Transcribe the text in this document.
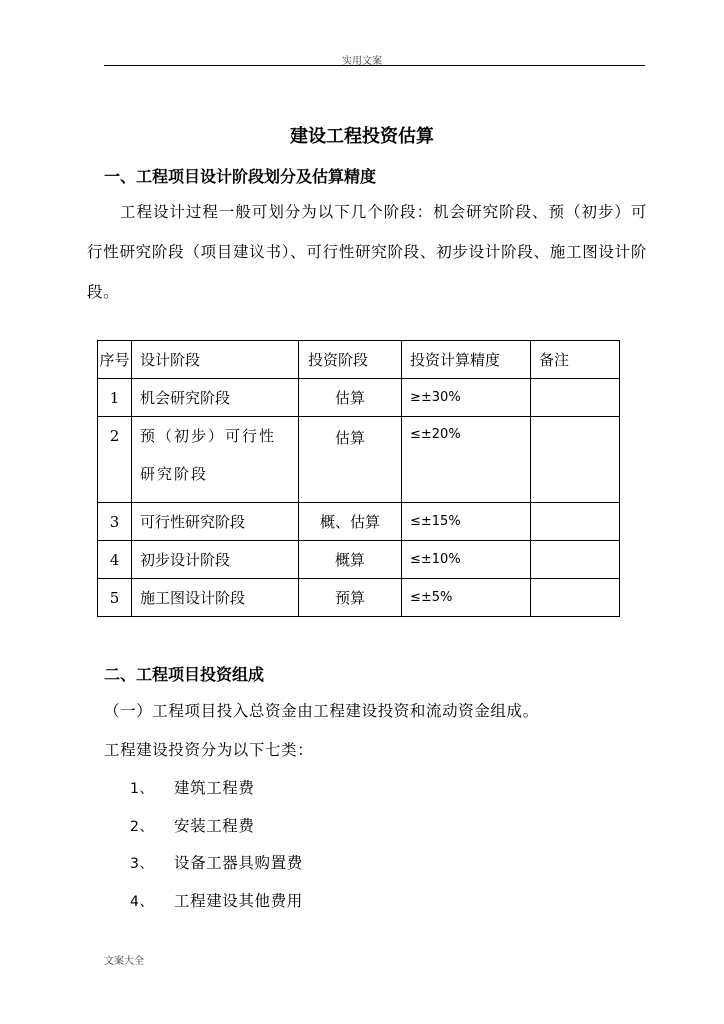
实用文案
建设工程投资估算
一、工程项目设计阶段划分及估算精度
工程设计过程一般可划分为以下几个阶段：机会研究阶段、预（初步）可行性研究阶段（项目建议书）、可行性研究阶段、初步设计阶段、施工图设计阶段。
序号	设计阶段	投资阶段	投资计算精度	备注
1	机会研究阶段	估算	≥±30%	
2	预（初步）可行性研究阶段	估算	≤±20%	
3	可行性研究阶段	概、估算	≤±15%	
4	初步设计阶段	概算	≤±10%	
5	施工图设计阶段	预算	≤±5%	
二、工程项目投资组成
（一）工程项目投入总资金由工程建设投资和流动资金组成。
工程建设投资分为以下七类：
1、 建筑工程费
2、 安装工程费
3、 设备工器具购置费
4、 工程建设其他费用
文案大全
